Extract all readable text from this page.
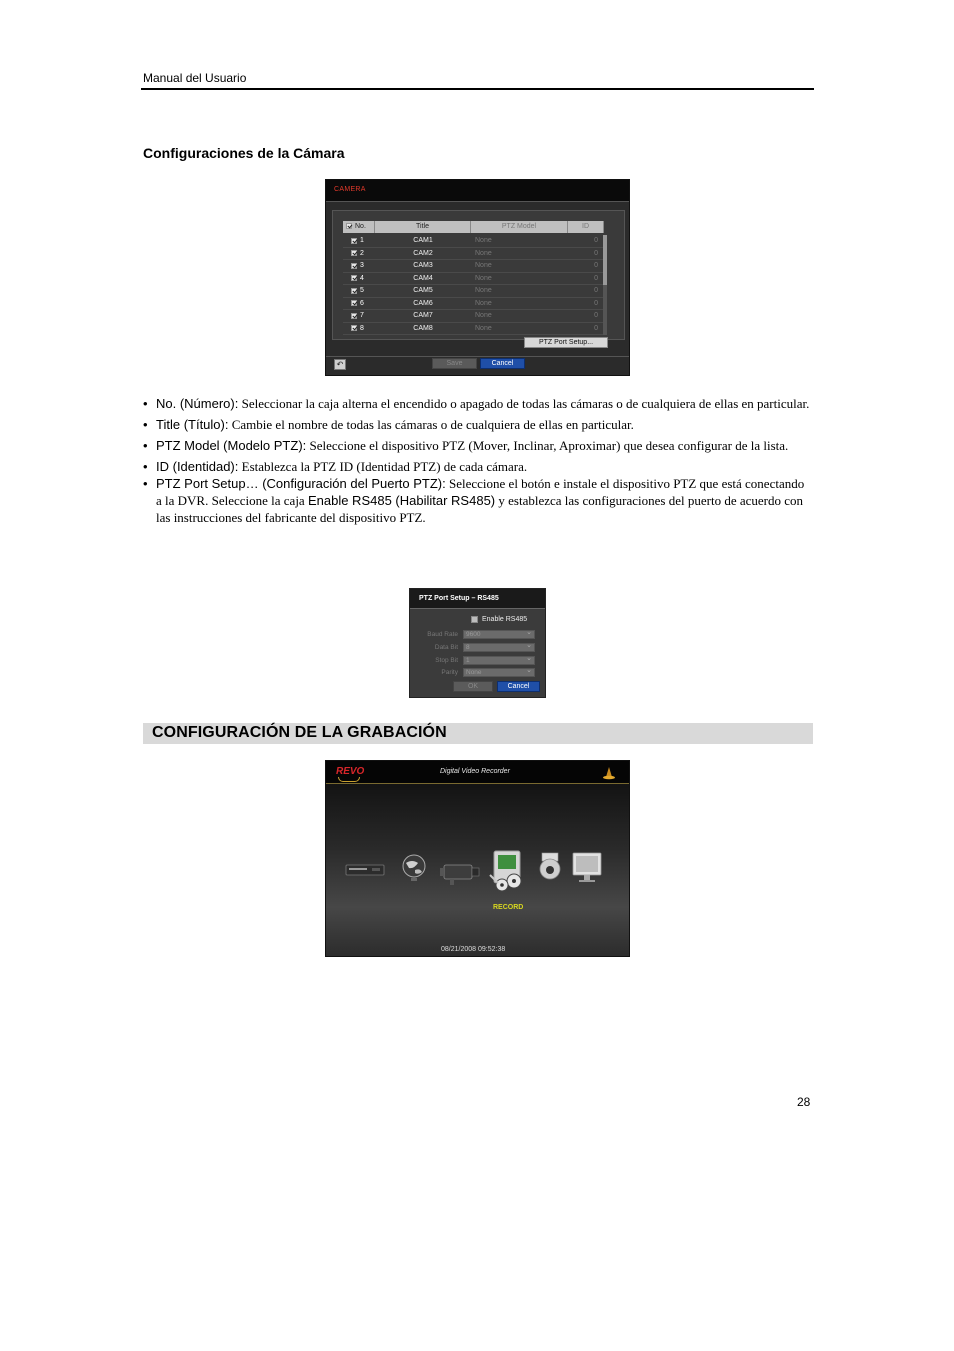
Manual del Usuario
Configuraciones de la Cámara
CAMERA
No.	Title	PTZ Model	ID
1	CAM1	None	0
2	CAM2	None	0
3	CAM3	None	0
4	CAM4	None	0
5	CAM5	None	0
6	CAM6	None	0
7	CAM7	None	0
8	CAM8	None	0
PTZ Port Setup...
↶	Save	Cancel
• No. (Número): Seleccionar la caja alterna el encendido o apagado de todas las cámaras o de cualquiera de ellas en particular.
• Title (Título): Cambie el nombre de todas las cámaras o de cualquiera de ellas en particular.
• PTZ Model (Modelo PTZ): Seleccione el dispositivo PTZ (Mover, Inclinar, Aproximar) que desea configurar de la lista.
• ID (Identidad): Establezca la PTZ ID (Identidad PTZ) de cada cámara.
• PTZ Port Setup… (Configuración del Puerto PTZ): Seleccione el botón e instale el dispositivo PTZ que está conectando a la DVR. Seleccione la caja Enable RS485 (Habilitar RS485) y establezca las configuraciones del puerto de acuerdo con las instrucciones del fabricante del dispositivo PTZ.
PTZ Port Setup – RS485
Enable RS485
Baud Rate	9600 ⌄
Data Bit	8 ⌄
Stop Bit	1 ⌄
Parity	None ⌄
OK	Cancel
CONFIGURACIÓN DE LA GRABACIÓN
REVO	Digital Video Recorder
RECORD
08/21/2008 09:52:38
28
